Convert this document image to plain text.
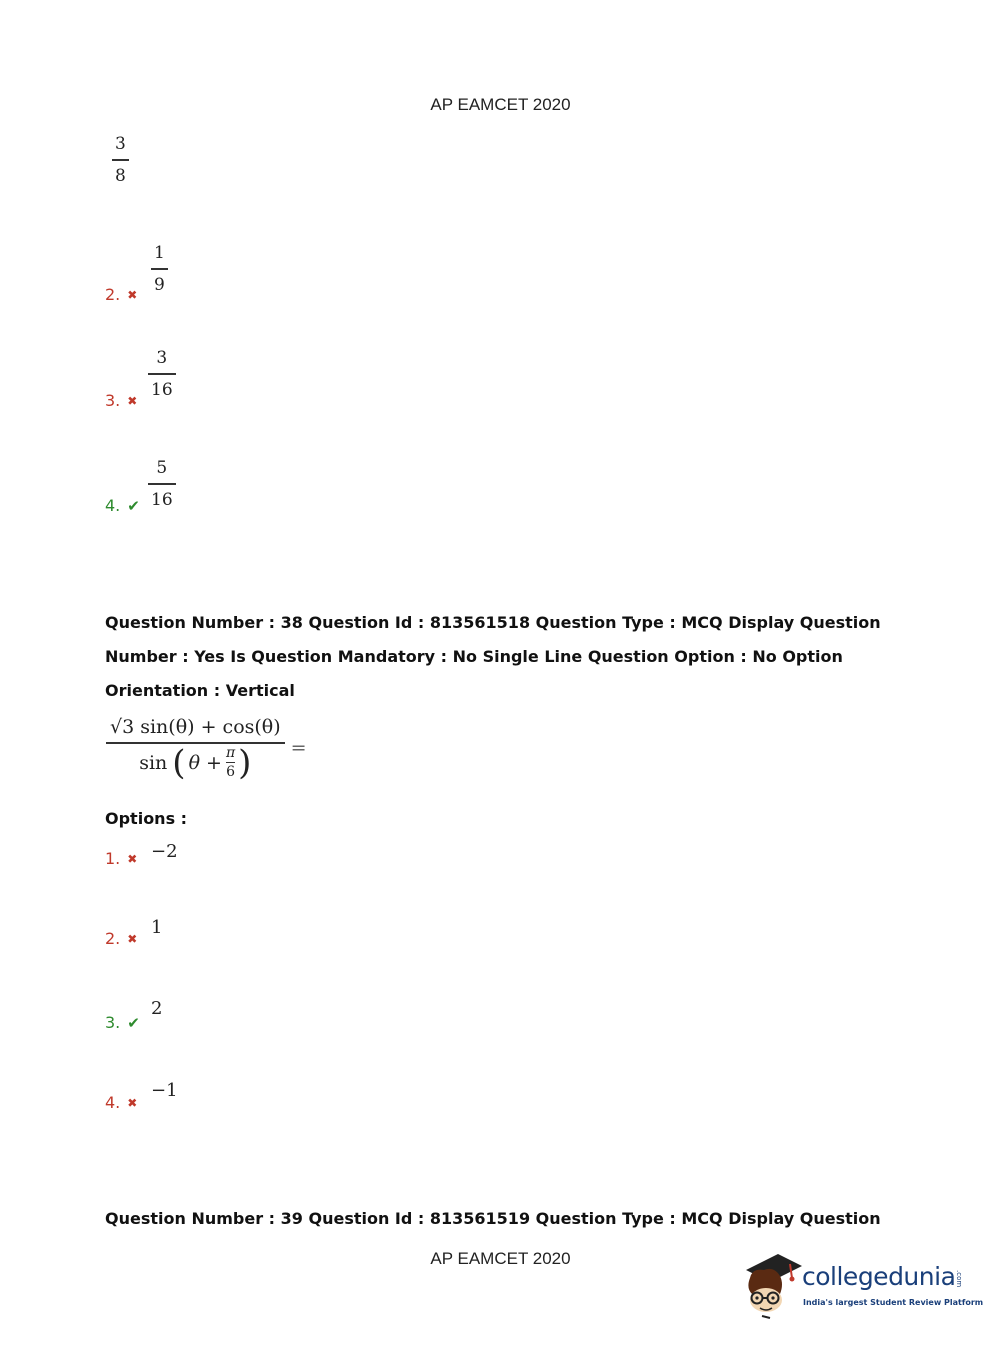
AP EAMCET 2020
3
8
2. ✖
1
9
3. ✖
3
16
4. ✔
5
16
Question Number : 38 Question Id : 813561518 Question Type : MCQ Display Question
Number : Yes Is Question Mandatory : No Single Line Question Option : No Option
Orientation : Vertical
√3 sin(θ) + cos(θ)
sin ( θ + π
6 ) =
Options :
1. ✖ −2
2. ✖
1
3. ✔
2
4. ✖
−1
Question Number : 39 Question Id : 813561519 Question Type : MCQ Display Question
AP EAMCET 2020
collegedunia .com
India's largest Student Review Platform
